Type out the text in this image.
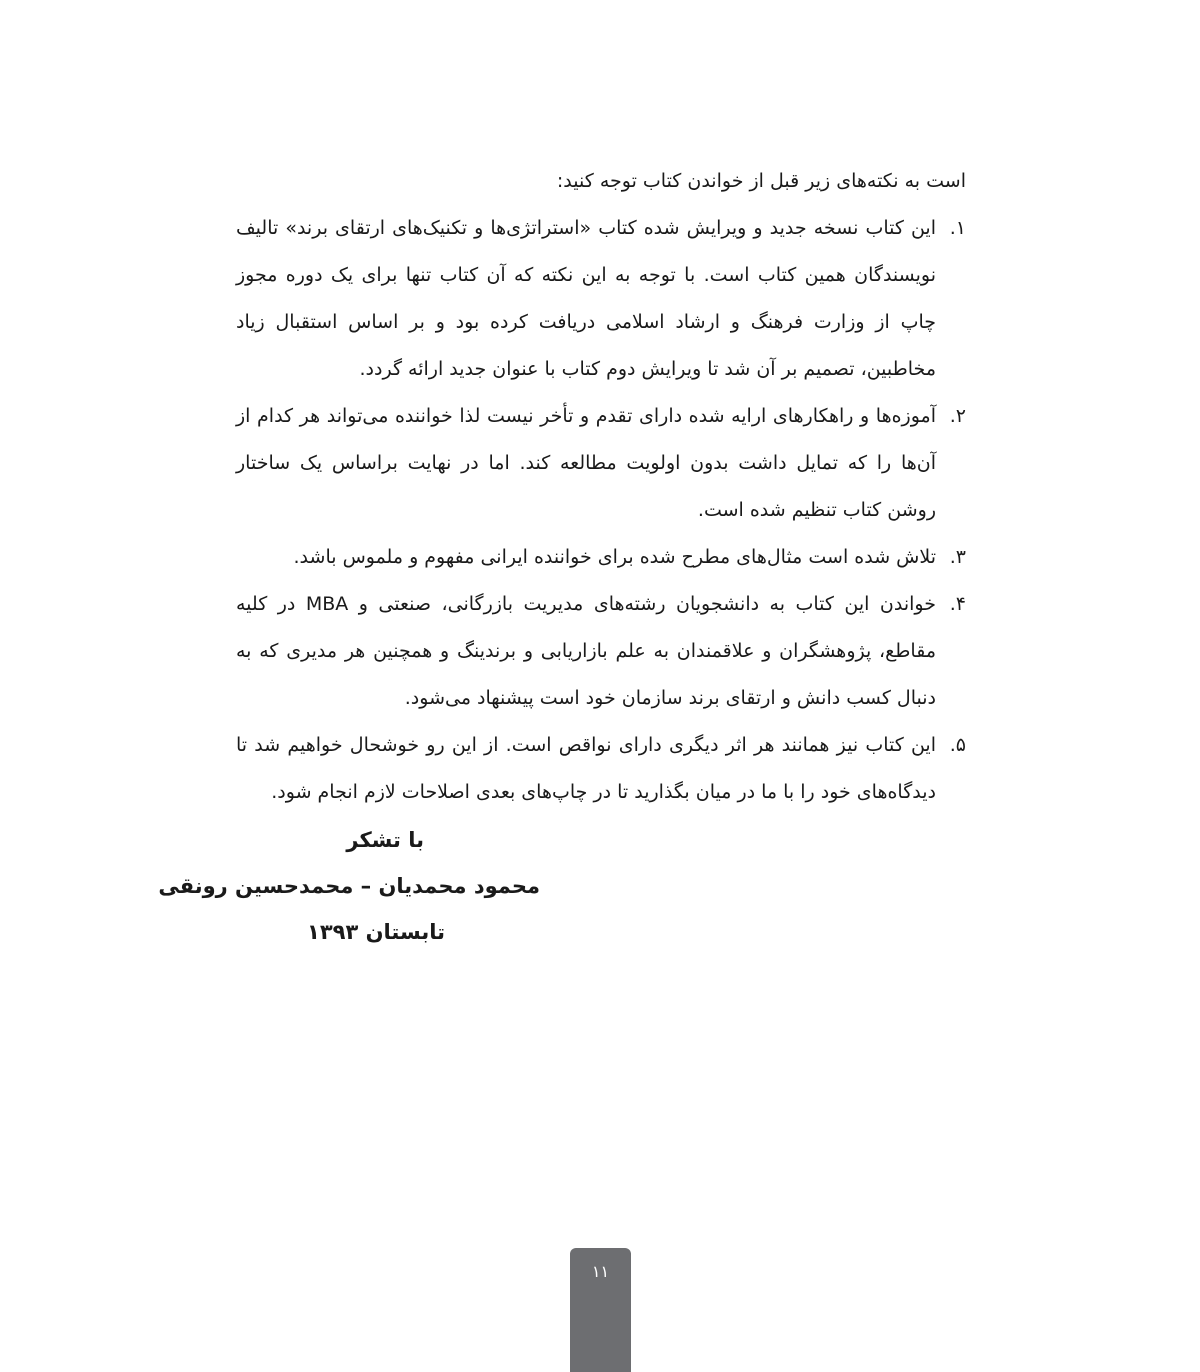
است به نکته‌های زیر قبل از خواندن کتاب توجه کنید:

۱.
این کتاب نسخه جدید و ویرایش شده کتاب «استراتژی‌ها و تکنیک‌های ارتقای برند» تالیف نویسندگان همین کتاب است. با توجه به این نکته که آن کتاب تنها برای یک دوره مجوز چاپ از وزارت فرهنگ و ارشاد اسلامی دریافت کرده بود و بر اساس استقبال زیاد مخاطبین، تصمیم بر آن شد تا ویرایش دوم کتاب با عنوان جدید ارائه گردد.
۲.
آموزه‌ها و راهکارهای ارایه شده دارای تقدم و تأخر نیست لذا خواننده می‌تواند هر کدام از آن‌ها را که تمایل داشت بدون اولویت مطالعه کند. اما در نهایت براساس یک ساختار روشن کتاب تنظیم شده است.
۳.
تلاش شده است مثال‌های مطرح شده برای خواننده ایرانی مفهوم و ملموس باشد.
۴.
خواندن این کتاب به دانشجویان رشته‌های مدیریت بازرگانی، صنعتی و MBA در کلیه مقاطع، پژوهشگران و علاقمندان به علم بازاریابی و برندینگ و همچنین هر مدیری که به دنبال کسب دانش و ارتقای برند سازمان خود است پیشنهاد می‌شود.
۵.
این کتاب نیز همانند هر اثر دیگری دارای نواقص است. از این رو خوشحال خواهیم شد تا دیدگاه‌های خود را با ما در میان بگذارید تا در چاپ‌های بعدی اصلاحات لازم انجام شود.
با تشکر
محمود محمدیان – محمدحسین رونقی
تابستان ۱۳۹۳
۱۱
